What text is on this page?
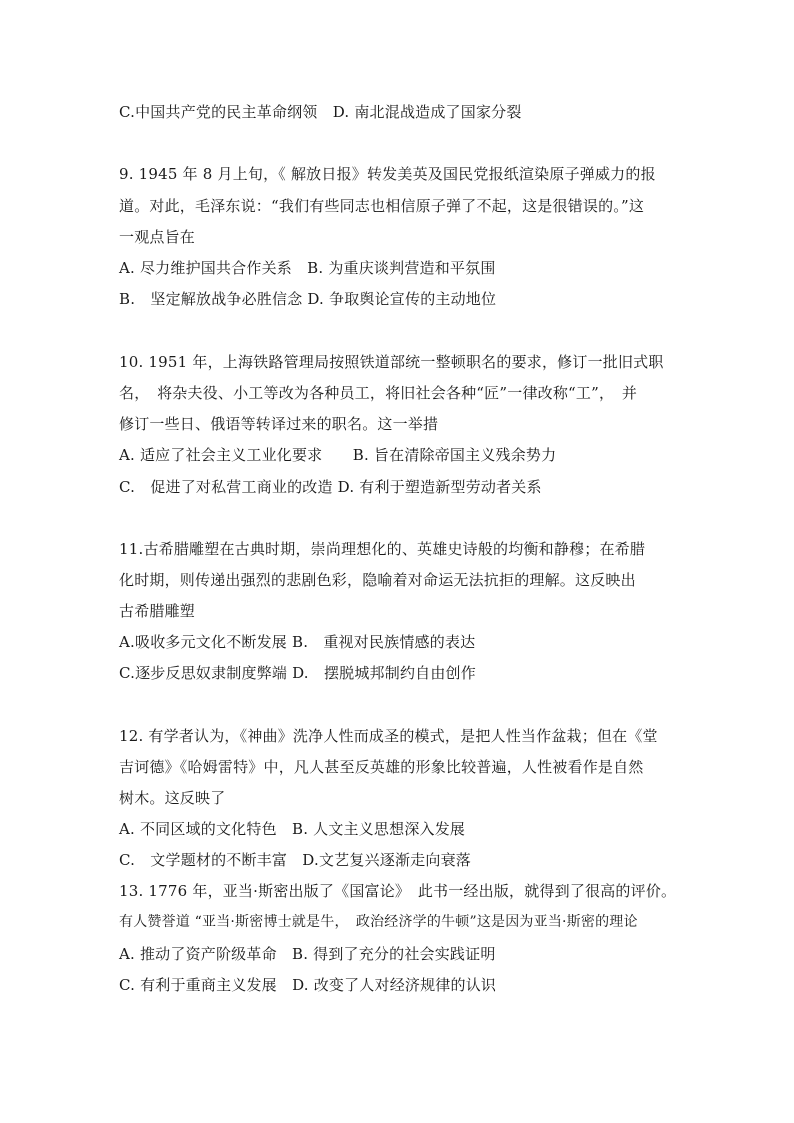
C.中国共产党的民主革命纲领　D. 南北混战造成了国家分裂
9. 1945 年 8 月上旬，《 解放日报》转发美英及国民党报纸渲染原子弹威力的报
道。对此，毛泽东说：“我们有些同志也相信原子弹了不起，这是很错误的。”这
一观点旨在
A. 尽力维护国共合作关系　B. 为重庆谈判营造和平氛围
B.　坚定解放战争必胜信念 D. 争取舆论宣传的主动地位
10. 1951 年，上海铁路管理局按照铁道部统一整顿职名的要求，修订一批旧式职
名，　将杂夫役、小工等改为各种员工，将旧社会各种“匠”一律改称“工”，　并
修订一些日、俄语等转译过来的职名。这一举措
A. 适应了社会主义工业化要求　　B. 旨在清除帝国主义残余势力
C.　促进了对私营工商业的改造 D. 有利于塑造新型劳动者关系
11.古希腊雕塑在古典时期，崇尚理想化的、英雄史诗般的均衡和静穆；在希腊
化时期，则传递出强烈的悲剧色彩，隐喻着对命运无法抗拒的理解。这反映出
古希腊雕塑
A.吸收多元文化不断发展 B.　重视对民族情感的表达
C.逐步反思奴隶制度弊端 D.　摆脱城邦制约自由创作
12. 有学者认为，《神曲》洗净人性而成圣的模式，是把人性当作盆栽；但在《堂
吉诃德》《哈姆雷特》中，凡人甚至反英雄的形象比较普遍，人性被看作是自然
树木。这反映了
A. 不同区域的文化特色　B. 人文主义思想深入发展
C.　文学题材的不断丰富　D.文艺复兴逐渐走向衰落
13. 1776 年，亚当·斯密出版了《国富论》　此书一经出版，就得到了很高的评价。
有人赞誉道 “亚当·斯密博士就是牛，　政治经济学的牛顿”这是因为亚当·斯密的理论
A. 推动了资产阶级革命　B. 得到了充分的社会实践证明
C. 有利于重商主义发展　D. 改变了人对经济规律的认识
